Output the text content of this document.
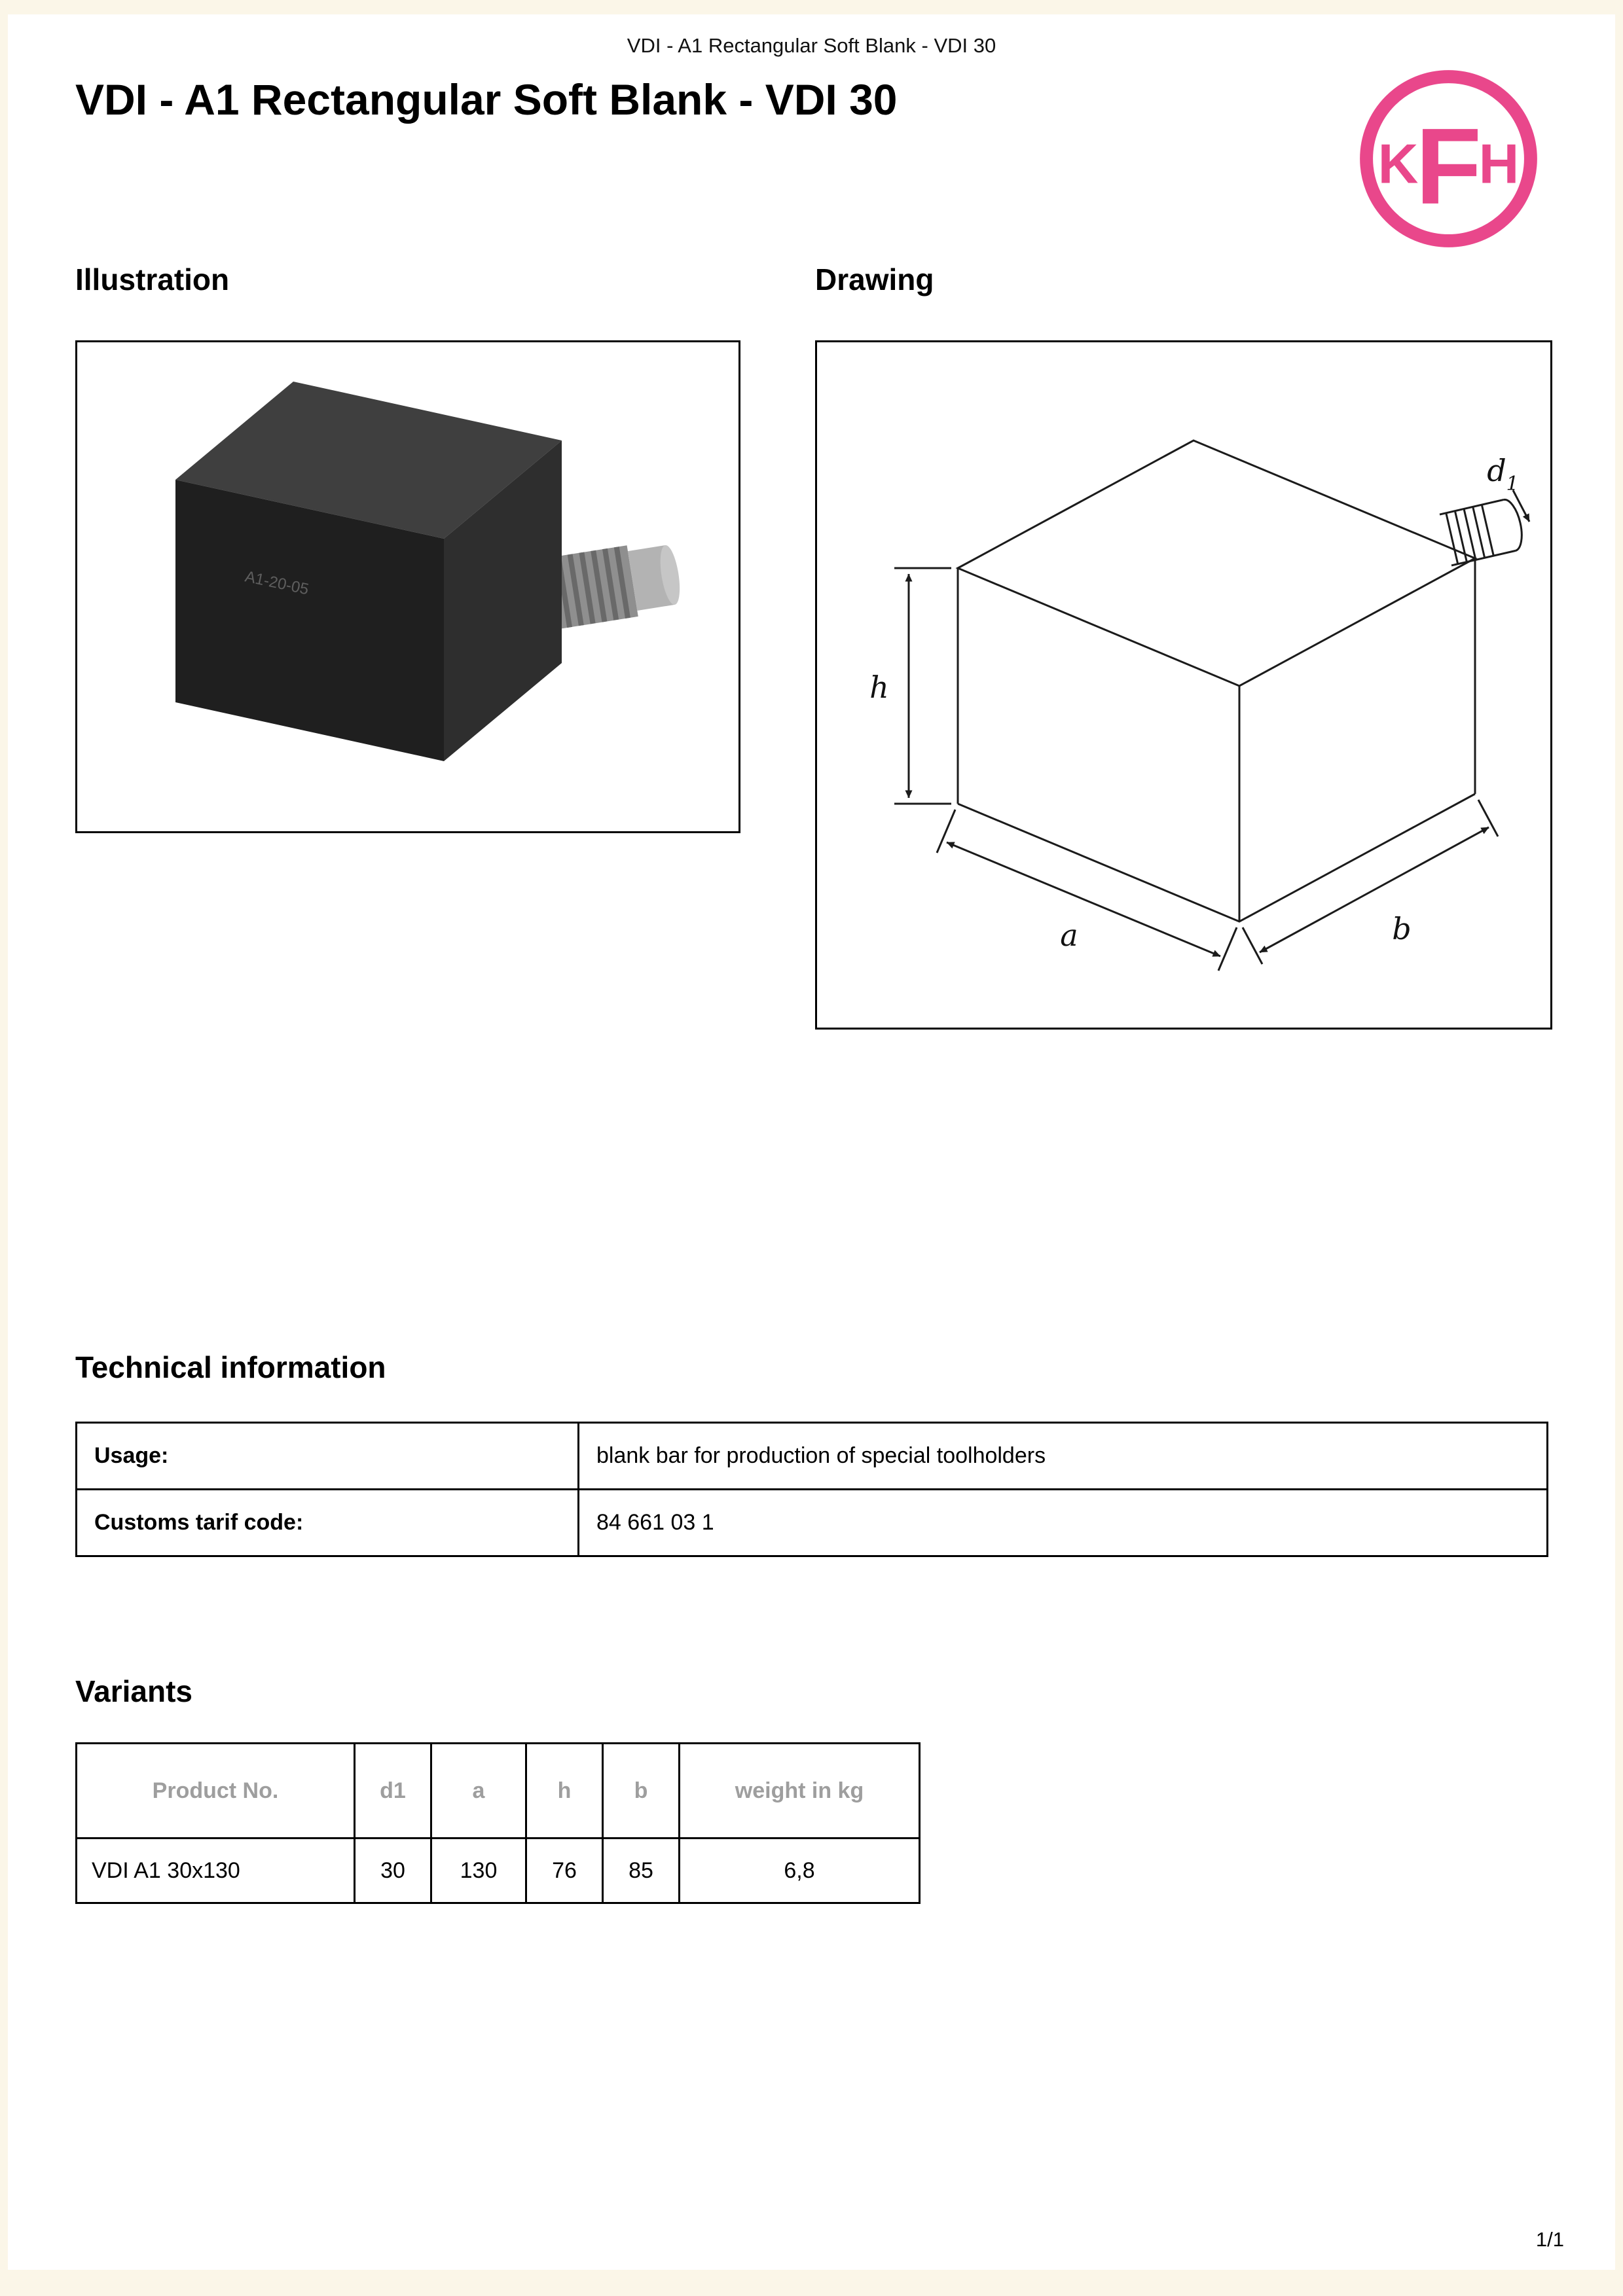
VDI - A1 Rectangular Soft Blank - VDI 30
VDI - A1 Rectangular Soft Blank - VDI 30
K
F
H
Illustration	Drawing
A1-20-05
h
a	b
d 1
Technical information
Usage:	blank bar for production of special toolholders
Customs tarif code:	84 661 03 1
Variants
Product No.	d1	a	h	b	weight in kg
VDI A1 30x130	30	130	76	85	6,8
1/1
